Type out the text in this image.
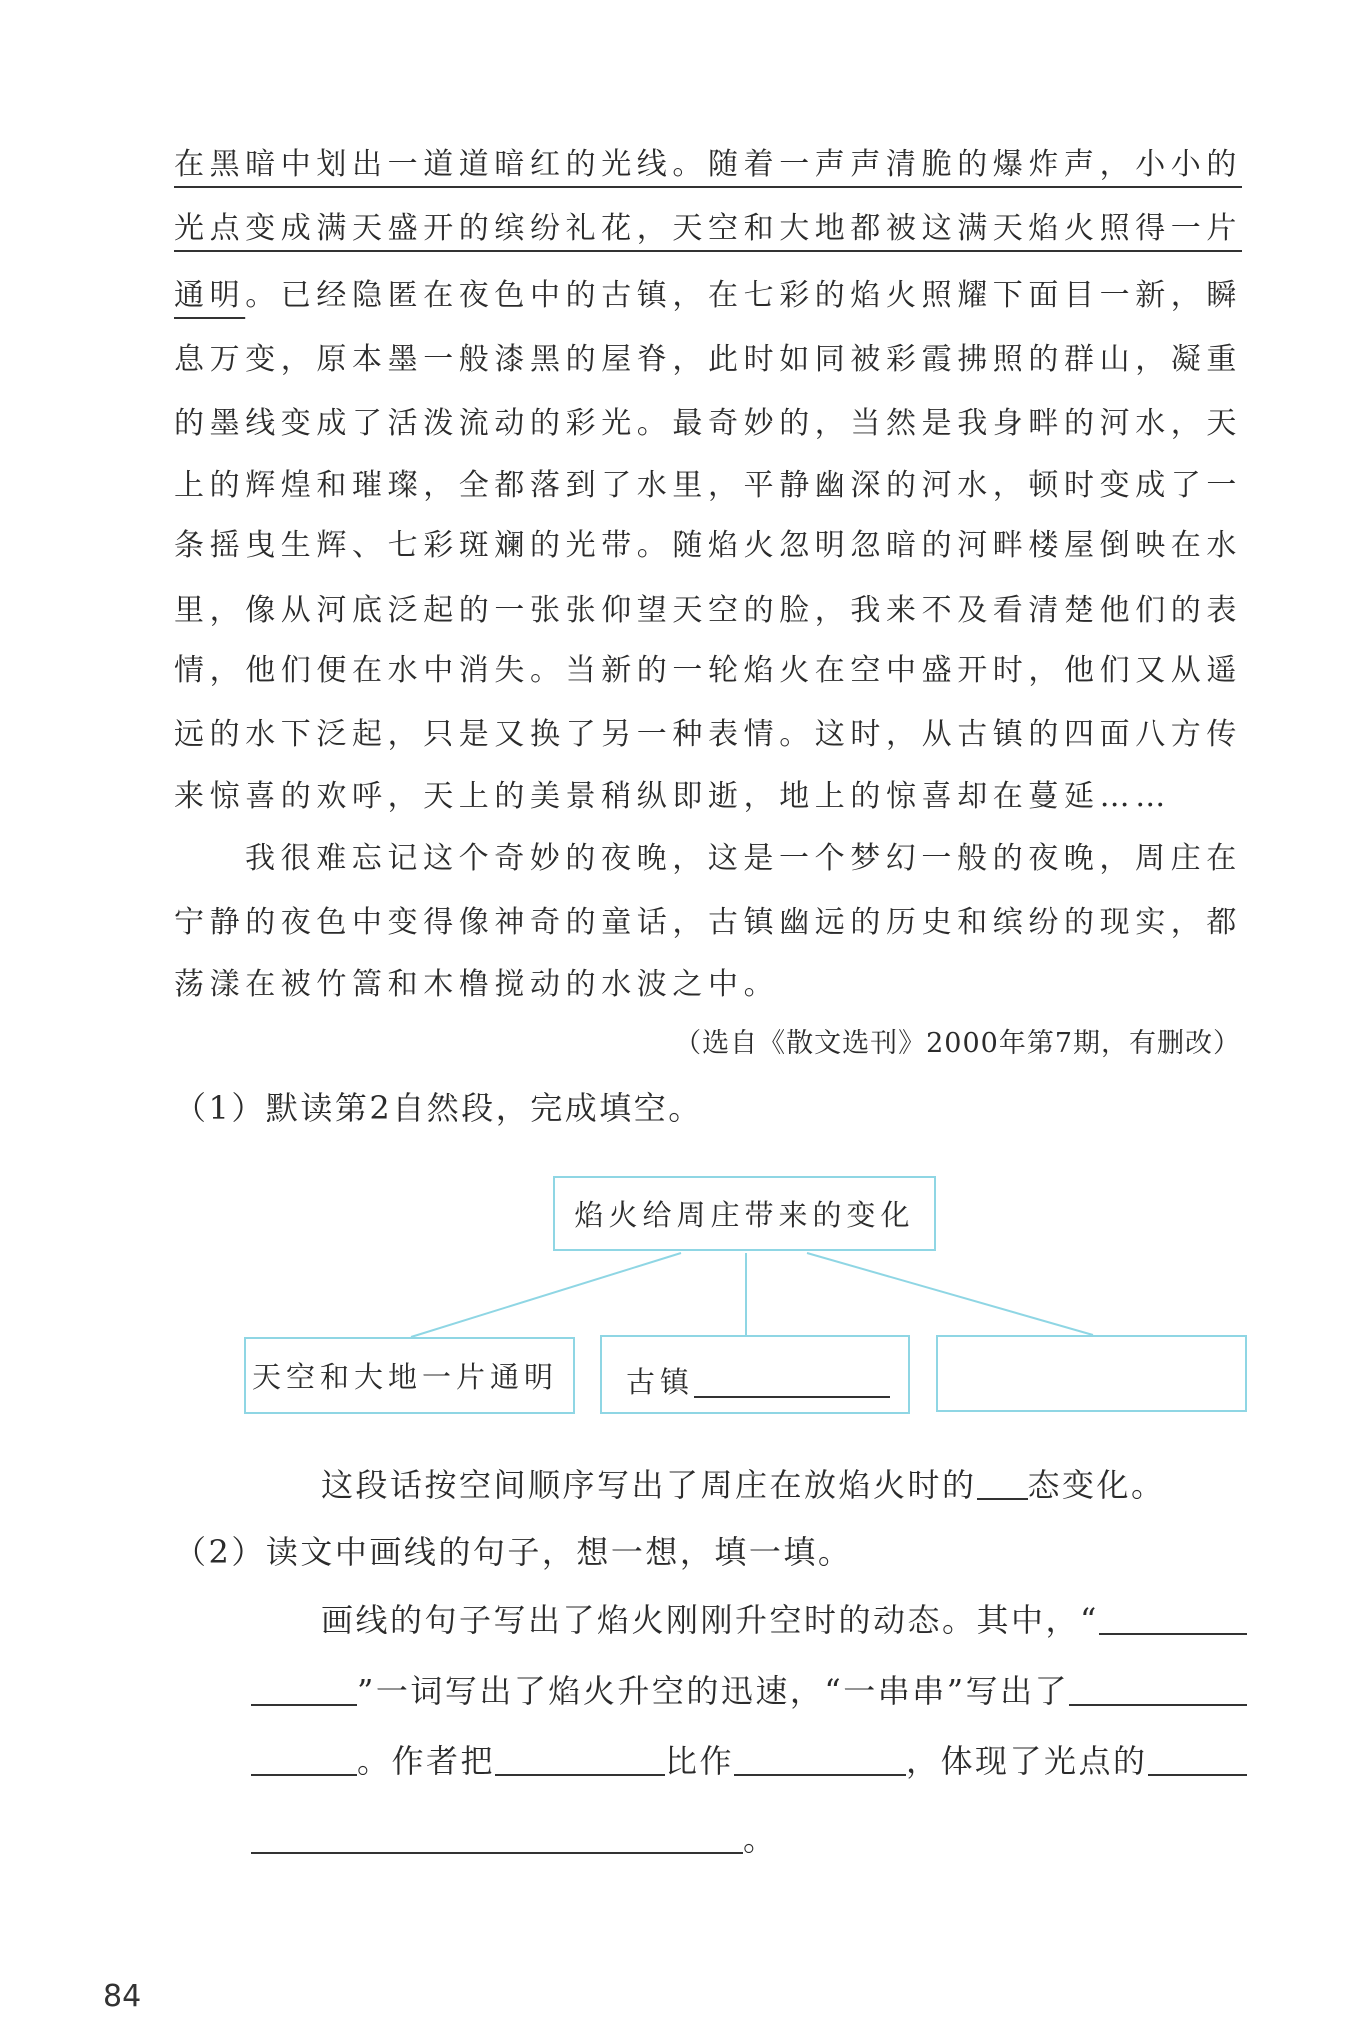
在黑暗中划出一道道暗红的光线。随着一声声清脆的爆炸声，小小的
光点变成满天盛开的缤纷礼花，天空和大地都被这满天焰火照得一片
通明。已经隐匿在夜色中的古镇，在七彩的焰火照耀下面目一新，瞬
息万变，原本墨一般漆黑的屋脊，此时如同被彩霞拂照的群山，凝重
的墨线变成了活泼流动的彩光。最奇妙的，当然是我身畔的河水，天
上的辉煌和璀璨，全都落到了水里，平静幽深的河水，顿时变成了一
条摇曳生辉、七彩斑斓的光带。随焰火忽明忽暗的河畔楼屋倒映在水
里，像从河底泛起的一张张仰望天空的脸，我来不及看清楚他们的表
情，他们便在水中消失。当新的一轮焰火在空中盛开时，他们又从遥
远的水下泛起，只是又换了另一种表情。这时，从古镇的四面八方传
来惊喜的欢呼，天上的美景稍纵即逝，地上的惊喜却在蔓延……
我很难忘记这个奇妙的夜晚，这是一个梦幻一般的夜晚，周庄在
宁静的夜色中变得像神奇的童话，古镇幽远的历史和缤纷的现实，都
荡漾在被竹篙和木橹搅动的水波之中。
（选自《散文选刊》2000年第7期，有删改）
（1）默读第2自然段，完成填空。
焰火给周庄带来的变化
天空和大地一片通明 古镇
这段话按空间顺序写出了周庄在放焰火时的 态变化。
（2）读文中画线的句子，想一想，填一填。
画线的句子写出了焰火刚刚升空时的动态。其中，“
”一词写出了焰火升空的迅速，“一串串”写出了
。作者把	比作	，体现了光点的
。
84
